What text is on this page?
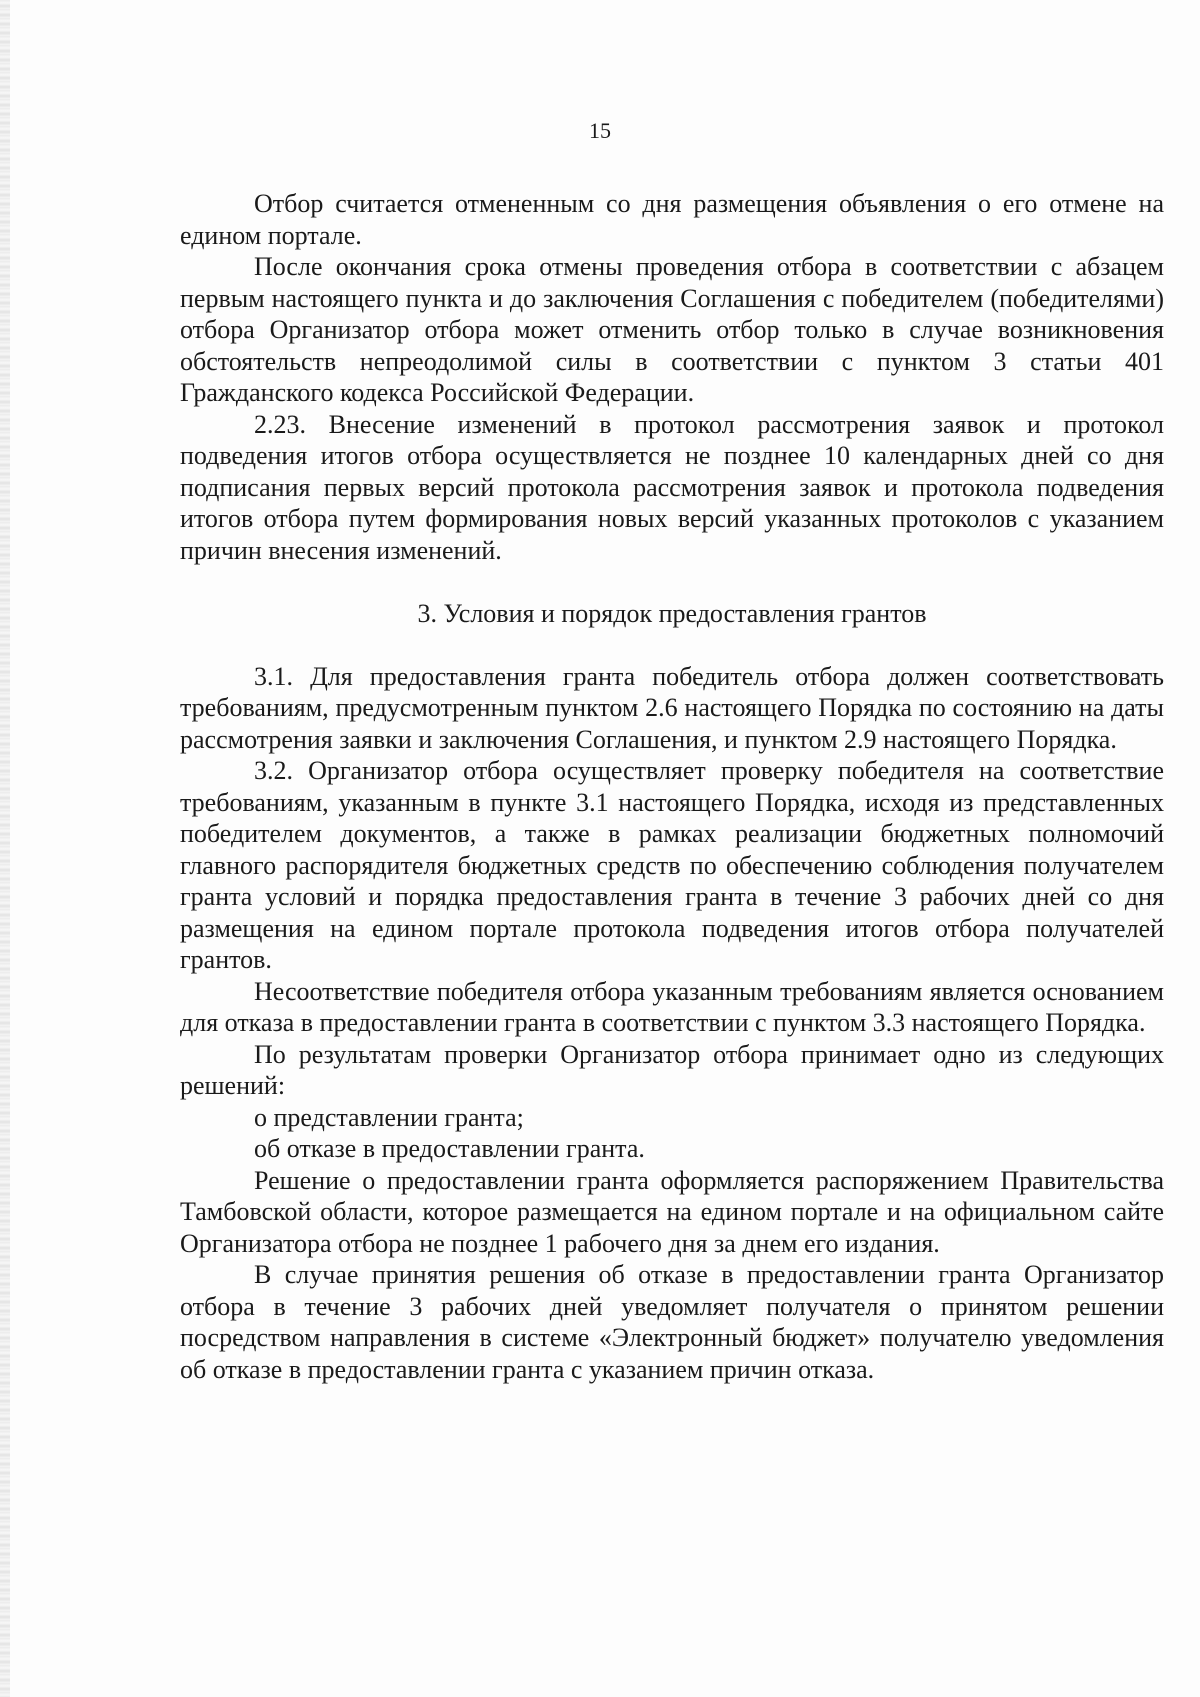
15

Отбор считается отмененным со дня размещения объявления о его отмене на едином портале.

После окончания срока отмены проведения отбора в соответствии с абзацем первым настоящего пункта и до заключения Соглашения с победителем (победителями) отбора Организатор отбора может отменить отбор только в случае возникновения обстоятельств непреодолимой силы в соответствии с пунктом 3 статьи 401 Гражданского кодекса Российской Федерации.

2.23. Внесение изменений в протокол рассмотрения заявок и протокол подведения итогов отбора осуществляется не позднее 10 календарных дней со дня подписания первых версий протокола рассмотрения заявок и протокола подведения итогов отбора путем формирования новых версий указанных протоколов с указанием причин внесения изменений.

3. Условия и порядок предоставления грантов

3.1. Для предоставления гранта победитель отбора должен соответствовать требованиям, предусмотренным пунктом 2.6 настоящего Порядка по состоянию на даты рассмотрения заявки и заключения Соглашения, и пунктом 2.9 настоящего Порядка.

3.2. Организатор отбора осуществляет проверку победителя на соответствие требованиям, указанным в пункте 3.1 настоящего Порядка, исходя из представленных победителем документов, а также в рамках реализации бюджетных полномочий главного распорядителя бюджетных средств по обеспечению соблюдения получателем гранта условий и порядка предоставления гранта в течение 3 рабочих дней со дня размещения на едином портале протокола подведения итогов отбора получателей грантов.

Несоответствие победителя отбора указанным требованиям является основанием для отказа в предоставлении гранта в соответствии с пунктом 3.3 настоящего Порядка.

По результатам проверки Организатор отбора принимает одно из следующих решений:

о представлении гранта;

об отказе в предоставлении гранта.

Решение о предоставлении гранта оформляется распоряжением Правительства Тамбовской области, которое размещается на едином портале и на официальном сайте Организатора отбора не позднее 1 рабочего дня за днем его издания.

В случае принятия решения об отказе в предоставлении гранта Организатор отбора в течение 3 рабочих дней уведомляет получателя о принятом решении посредством направления в системе «Электронный бюджет» получателю уведомления об отказе в предоставлении гранта с указанием причин отказа.
